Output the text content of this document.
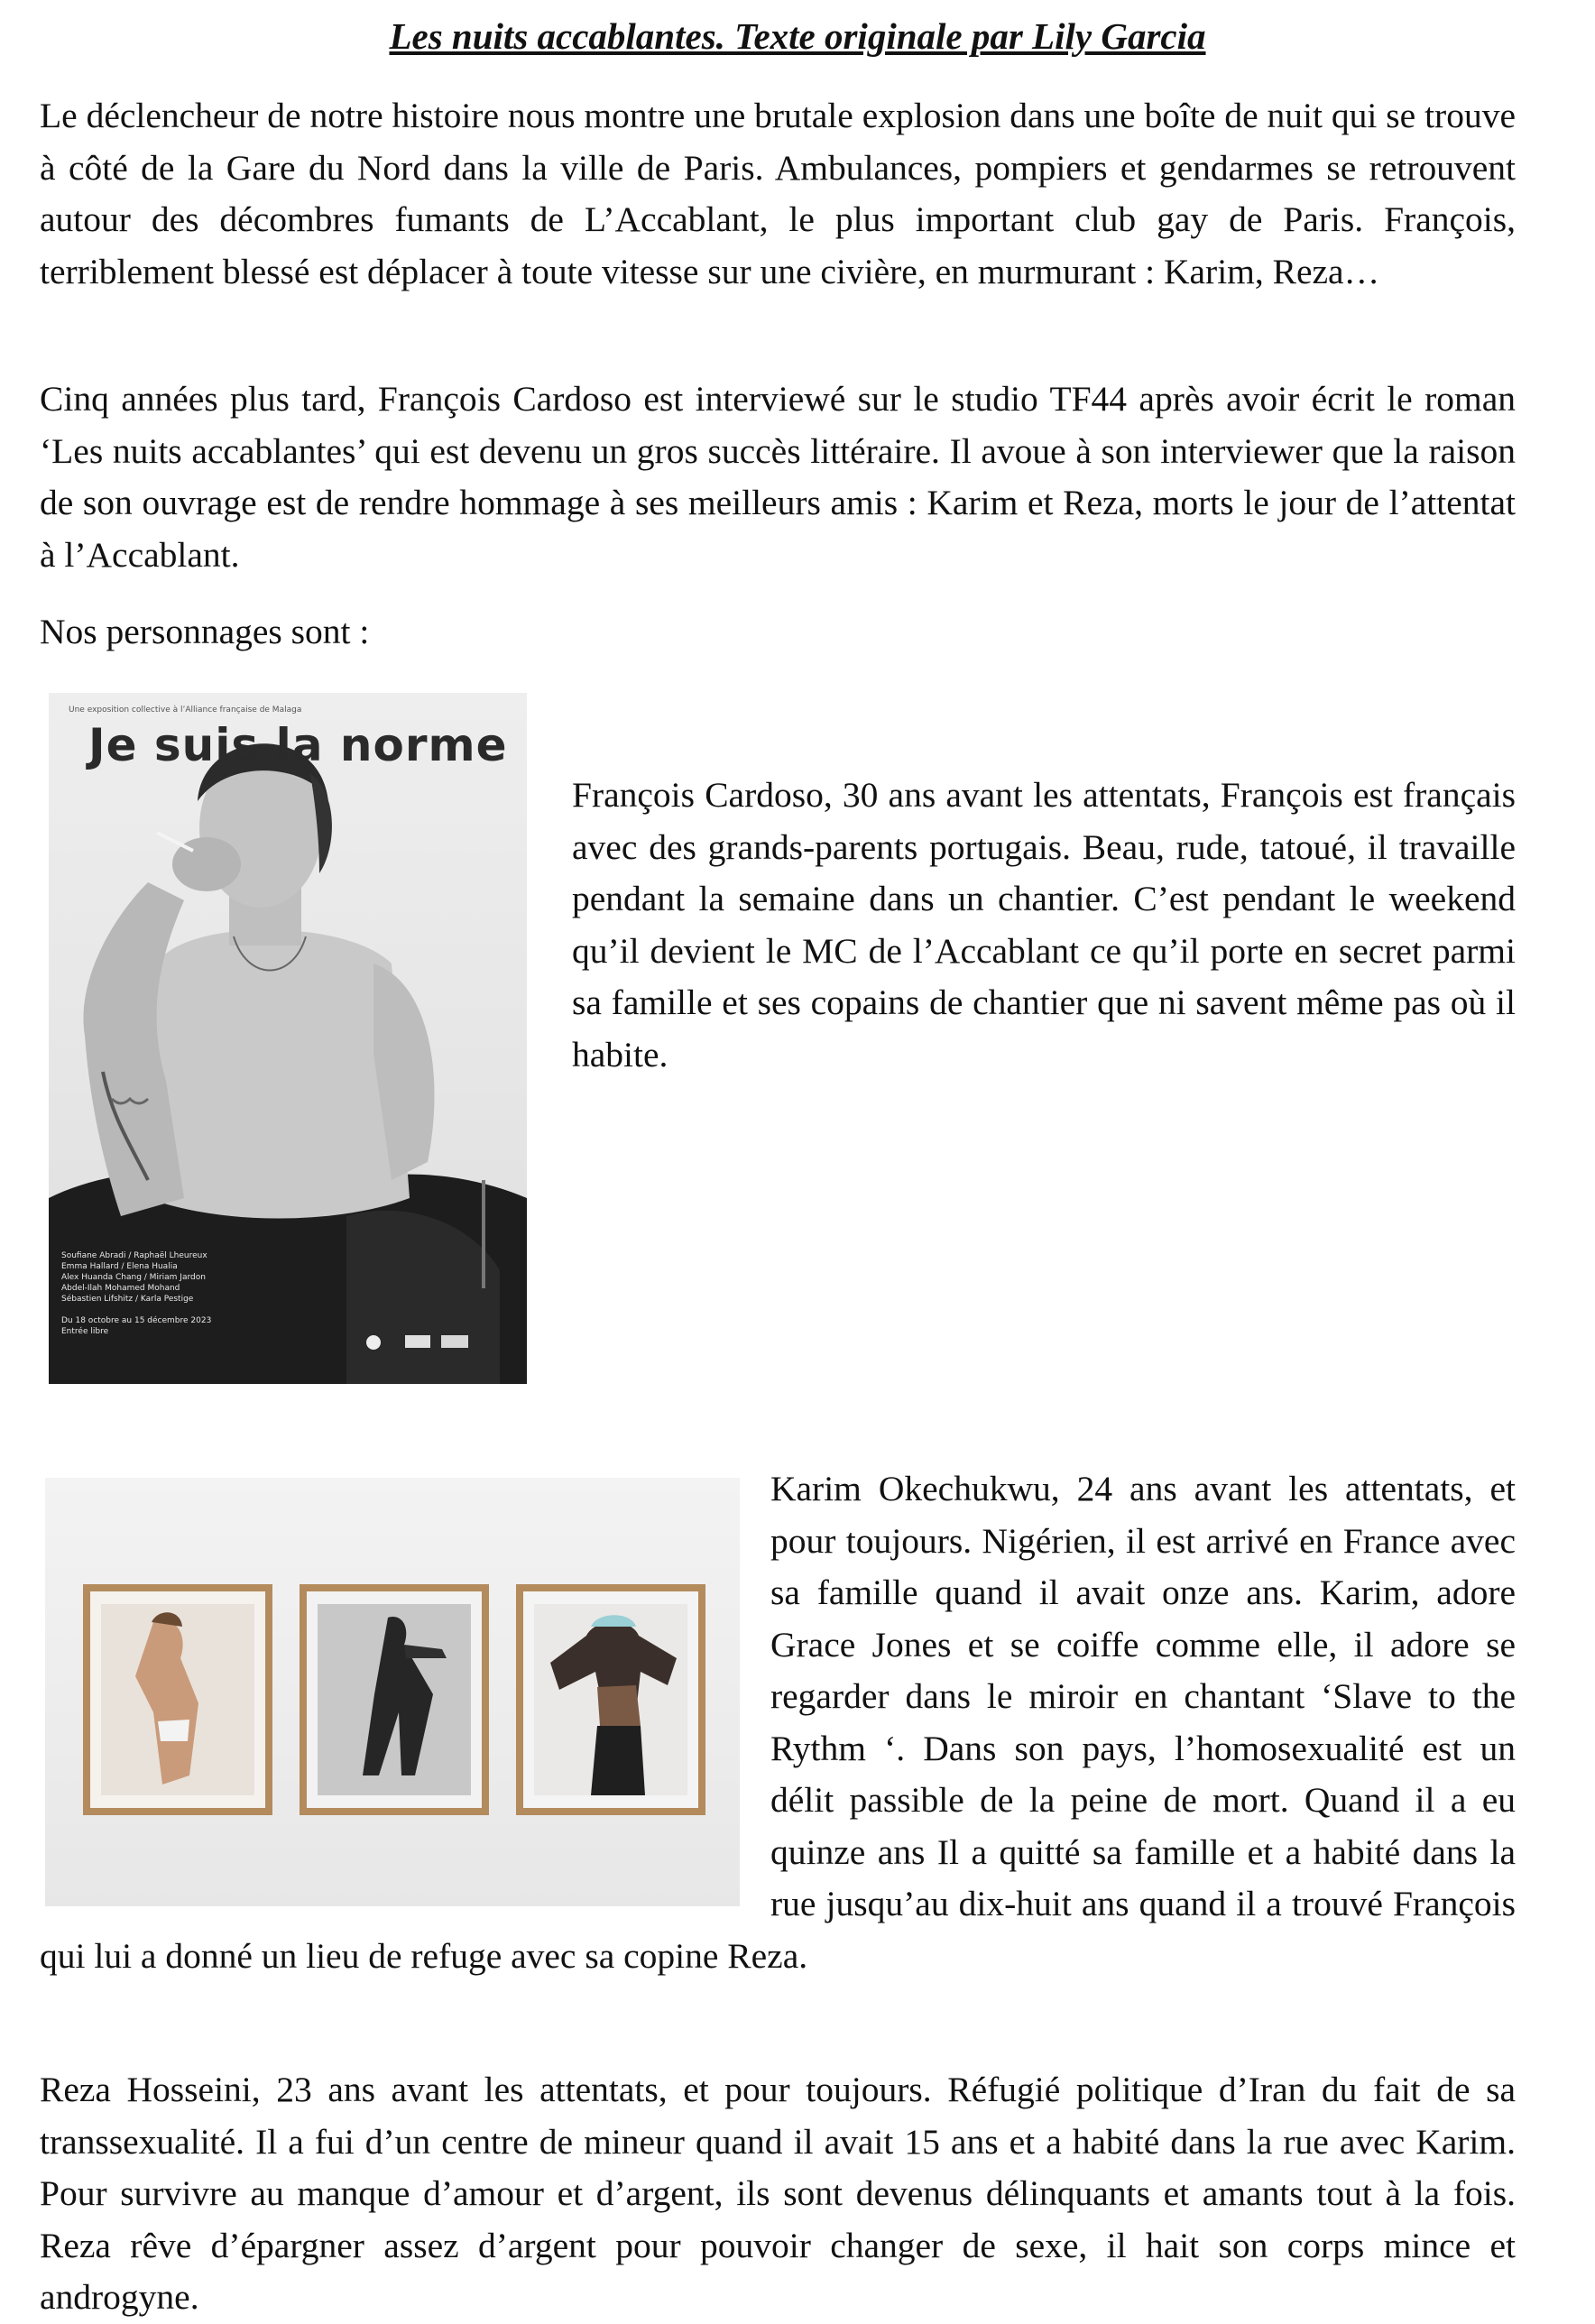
Les nuits accablantes. Texte originale par Lily Garcia

Le déclencheur de notre histoire nous montre une brutale explosion dans une boîte de nuit qui se trouve à côté de la Gare du Nord dans la ville de Paris. Ambulances, pompiers et gendarmes se retrouvent autour des décombres fumants de L’Accablant, le plus important club gay de Paris. François, terriblement blessé est déplacer à toute vitesse sur une civière, en murmurant : Karim, Reza…

Cinq années plus tard, François Cardoso est interviewé sur le studio TF44 après avoir écrit le roman ‘Les nuits accablantes’ qui est devenu un gros succès littéraire. Il avoue à son interviewer que la raison de son ouvrage est de rendre hommage à ses meilleurs amis : Karim et Reza, morts le jour de l’attentat à l’Accablant.

Nos personnages sont :

Une exposition collective à l’Alliance française de Malaga
Je suis la norme
Soufiane Abradi / Raphaël Lheureux
Emma Hallard / Elena Hualia
Alex Huanda Chang / Miriam Jardon
Abdel-Ilah Mohamed Mohand
Sébastien Lifshitz / Karla Pestige

Du 18 octobre au 15 décembre 2023
Entrée libre

François Cardoso, 30 ans avant les attentats, François est français avec des grands-parents portugais. Beau, rude, tatoué, il travaille pendant la semaine dans un chantier. C’est pendant le weekend qu’il devient le MC de l’Accablant ce qu’il porte en secret parmi sa famille et ses copains de chantier que ni savent même pas où il habite.

Karim Okechukwu, 24 ans avant les attentats, et pour toujours. Nigérien, il est arrivé en France avec sa famille quand il avait onze ans. Karim, adore Grace Jones et se coiffe comme elle, il adore se regarder dans le miroir en chantant ‘Slave to the Rythm ‘. Dans son pays, l’homosexualité est un délit passible de la peine de mort. Quand il a eu quinze ans Il a quitté sa famille et a habité dans la rue jusqu’au dix-huit ans quand il a trouvé François qui lui a donné un lieu de refuge avec sa copine Reza.

Reza Hosseini, 23 ans avant les attentats, et pour toujours. Réfugié politique d’Iran du fait de sa transsexualité. Il a fui d’un centre de mineur quand il avait 15 ans et a habité dans la rue avec Karim. Pour survivre au manque d’amour et d’argent, ils sont devenus délinquants et amants tout à la fois. Reza rêve d’épargner assez d’argent pour pouvoir changer de sexe, il hait son corps mince et androgyne.
